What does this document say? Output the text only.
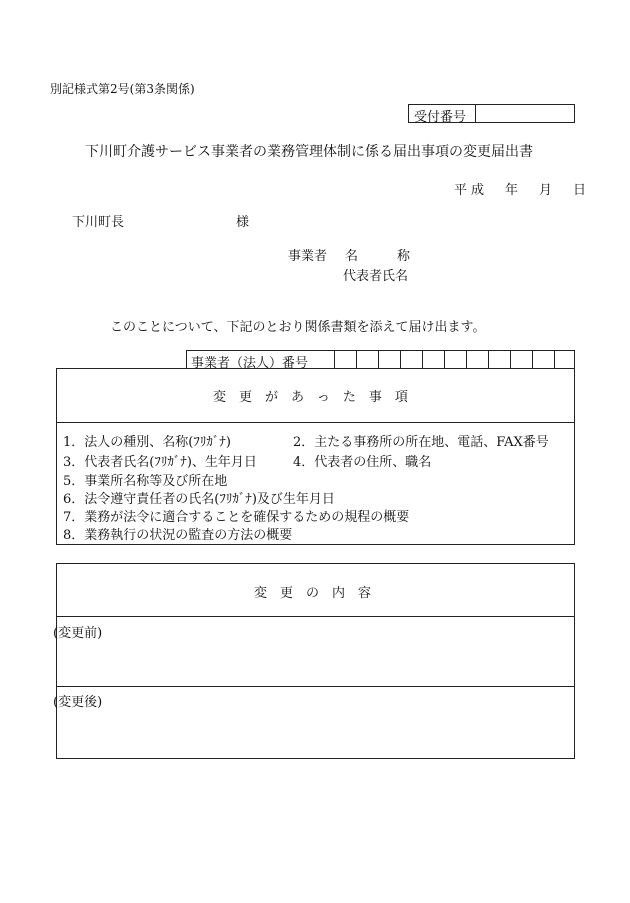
別記様式第2号(第3条関係)
受付番号
下川町介護サービス事業者の業務管理体制に係る届出事項の変更届出書
平成　年　月　日
下川町長	様
事業者 名　　　称
代表者氏名
このことについて、下記のとおり関係書類を添えて届け出ます。
事業者（法人）番号
変更があった事項
1．法人の種別、名称(ﾌﾘｶﾞﾅ)	2．主たる事務所の所在地、電話、FAX番号
3．代表者氏名(ﾌﾘｶﾞﾅ)、生年月日	4．代表者の住所、職名
5．事業所名称等及び所在地
6．法令遵守責任者の氏名(ﾌﾘｶﾞﾅ)及び生年月日
7．業務が法令に適合することを確保するための規程の概要
8．業務執行の状況の監査の方法の概要
変更の内容
(変更前)
(変更後)
